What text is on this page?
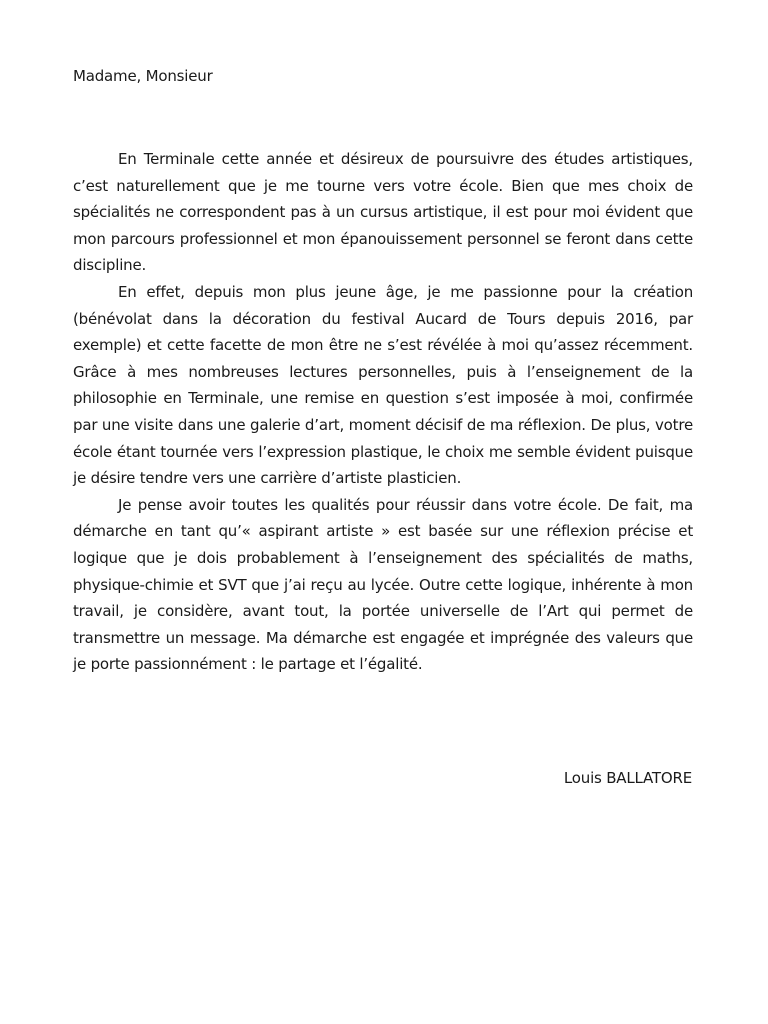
Madame, Monsieur

En Terminale cette année et désireux de poursuivre des études artistiques, c’est naturellement que je me tourne vers votre école. Bien que mes choix de spécialités ne correspondent pas à un cursus artistique, il est pour moi évident que mon parcours professionnel et mon épanouissement personnel se feront dans cette discipline.

En effet, depuis mon plus jeune âge, je me passionne pour la création (bénévolat dans la décoration du festival Aucard de Tours depuis 2016, par exemple) et cette facette de mon être ne s’est révélée à moi qu’assez récemment. Grâce à mes nombreuses lectures personnelles, puis à l’enseignement de la philosophie en Terminale, une remise en question s’est imposée à moi, confirmée par une visite dans une galerie d’art, moment décisif de ma réflexion. De plus, votre école étant tournée vers l’expression plastique, le choix me semble évident puisque je désire tendre vers une carrière d’artiste plasticien.

Je pense avoir toutes les qualités pour réussir dans votre école. De fait, ma démarche en tant qu’« aspirant artiste » est basée sur une réflexion précise et logique que je dois probablement à l’enseignement des spécialités de maths, physique-chimie et SVT que j’ai reçu au lycée. Outre cette logique, inhérente à mon travail, je considère, avant tout, la portée universelle de l’Art qui permet de transmettre un message. Ma démarche est engagée et imprégnée des valeurs que je porte passionnément : le partage et l’égalité.

Louis BALLATORE
